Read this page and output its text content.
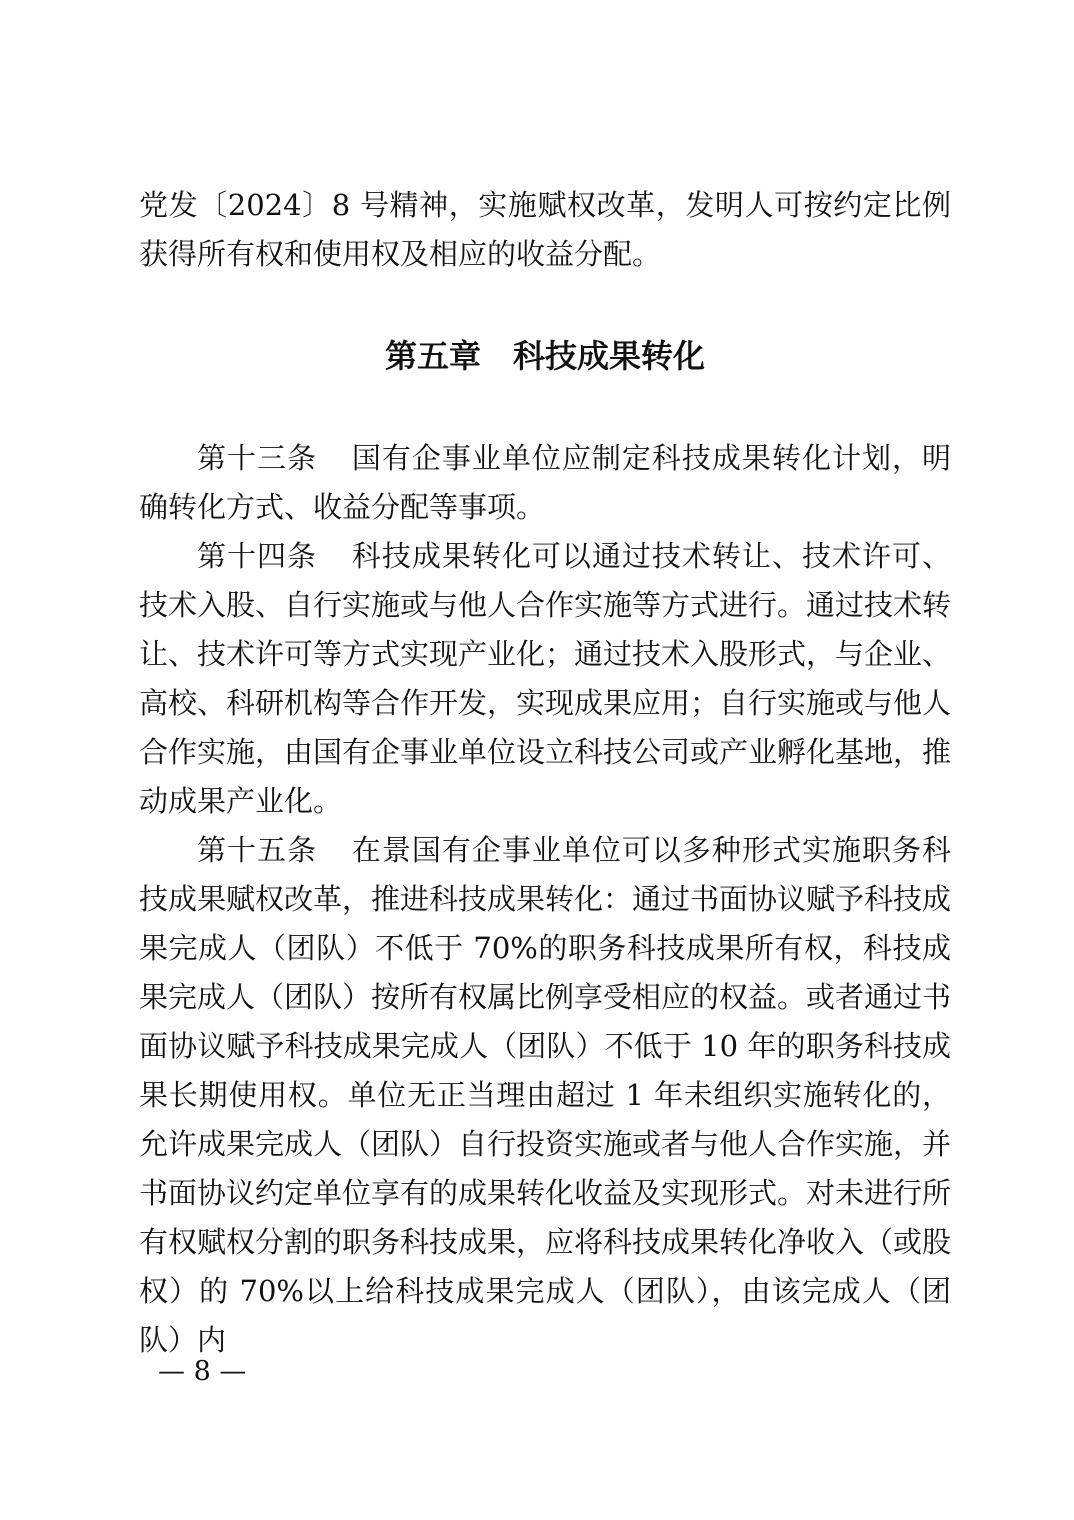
党发〔2024〕8 号精神，实施赋权改革，发明人可按约定比例获得所有权和使用权及相应的收益分配。

第五章　科技成果转化

第十三条 国有企事业单位应制定科技成果转化计划，明确转化方式、收益分配等事项。

第十四条 科技成果转化可以通过技术转让、技术许可、技术入股、自行实施或与他人合作实施等方式进行。通过技术转让、技术许可等方式实现产业化；通过技术入股形式，与企业、高校、科研机构等合作开发，实现成果应用；自行实施或与他人合作实施，由国有企事业单位设立科技公司或产业孵化基地，推动成果产业化。

第十五条 在景国有企事业单位可以多种形式实施职务科技成果赋权改革，推进科技成果转化：通过书面协议赋予科技成果完成人（团队）不低于 70%的职务科技成果所有权，科技成果完成人（团队）按所有权属比例享受相应的权益。或者通过书面协议赋予科技成果完成人（团队）不低于 10 年的职务科技成果长期使用权。单位无正当理由超过 1 年未组织实施转化的，允许成果完成人（团队）自行投资实施或者与他人合作实施，并书面协议约定单位享有的成果转化收益及实现形式。对未进行所有权赋权分割的职务科技成果，应将科技成果转化净收入（或股权）的 70%以上给科技成果完成人（团队），由该完成人（团队）内

— 8 —
